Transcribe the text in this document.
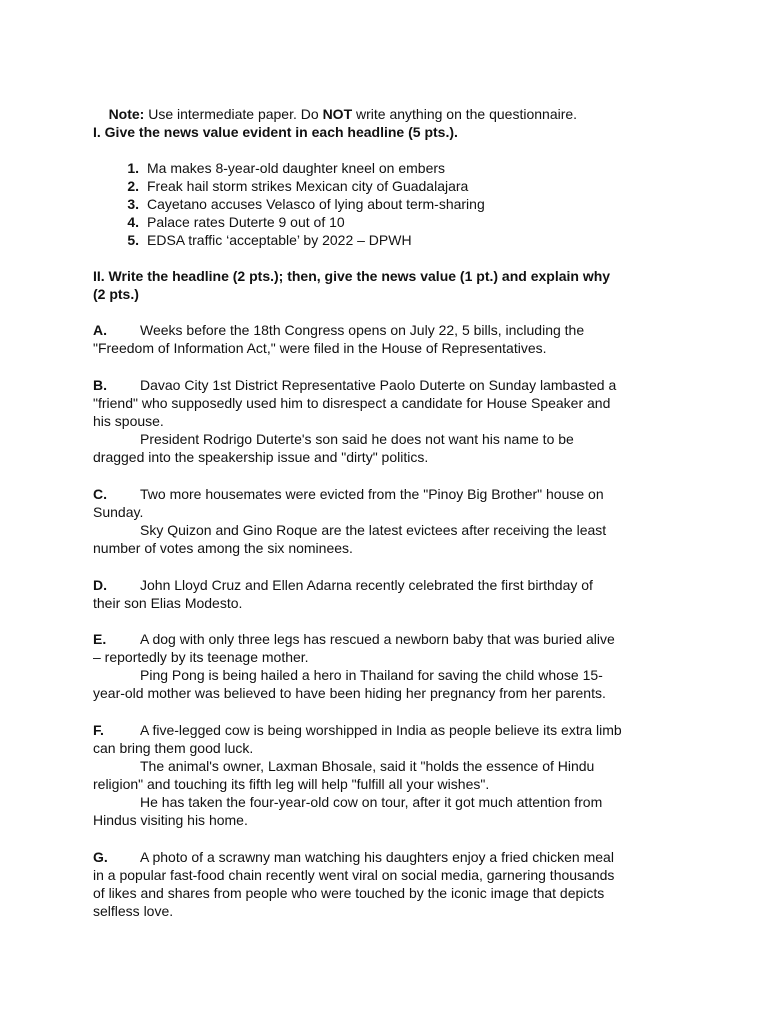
Note: Use intermediate paper. Do NOT write anything on the questionnaire.

I. Give the news value evident in each headline (5 pts.).
1. Ma makes 8-year-old daughter kneel on embers
2. Freak hail storm strikes Mexican city of Guadalajara
3. Cayetano accuses Velasco of lying about term-sharing
4. Palace rates Duterte 9 out of 10
5. EDSA traffic ‘acceptable’ by 2022 – DPWH
II. Write the headline (2 pts.); then, give the news value (1 pt.) and explain why
(2 pts.)
A. Weeks before the 18th Congress opens on July 22, 5 bills, including the
"Freedom of Information Act," were filed in the House of Representatives.
B. Davao City 1st District Representative Paolo Duterte on Sunday lambasted a
"friend" who supposedly used him to disrespect a candidate for House Speaker and
his spouse.
President Rodrigo Duterte's son said he does not want his name to be
dragged into the speakership issue and "dirty" politics.
C. Two more housemates were evicted from the "Pinoy Big Brother" house on
Sunday.
Sky Quizon and Gino Roque are the latest evictees after receiving the least
number of votes among the six nominees.
D. John Lloyd Cruz and Ellen Adarna recently celebrated the first birthday of
their son Elias Modesto.
E. A dog with only three legs has rescued a newborn baby that was buried alive
– reportedly by its teenage mother.
Ping Pong is being hailed a hero in Thailand for saving the child whose 15-
year-old mother was believed to have been hiding her pregnancy from her parents.
F.	A five-legged cow is being worshipped in India as people believe its extra limb
can bring them good luck.
The animal's owner, Laxman Bhosale, said it "holds the essence of Hindu
religion" and touching its fifth leg will help "fulfill all your wishes".
He has taken the four-year-old cow on tour, after it got much attention from
Hindus visiting his home.
G. A photo of a scrawny man watching his daughters enjoy a fried chicken meal
in a popular fast-food chain recently went viral on social media, garnering thousands
of likes and shares from people who were touched by the iconic image that depicts
selfless love.
